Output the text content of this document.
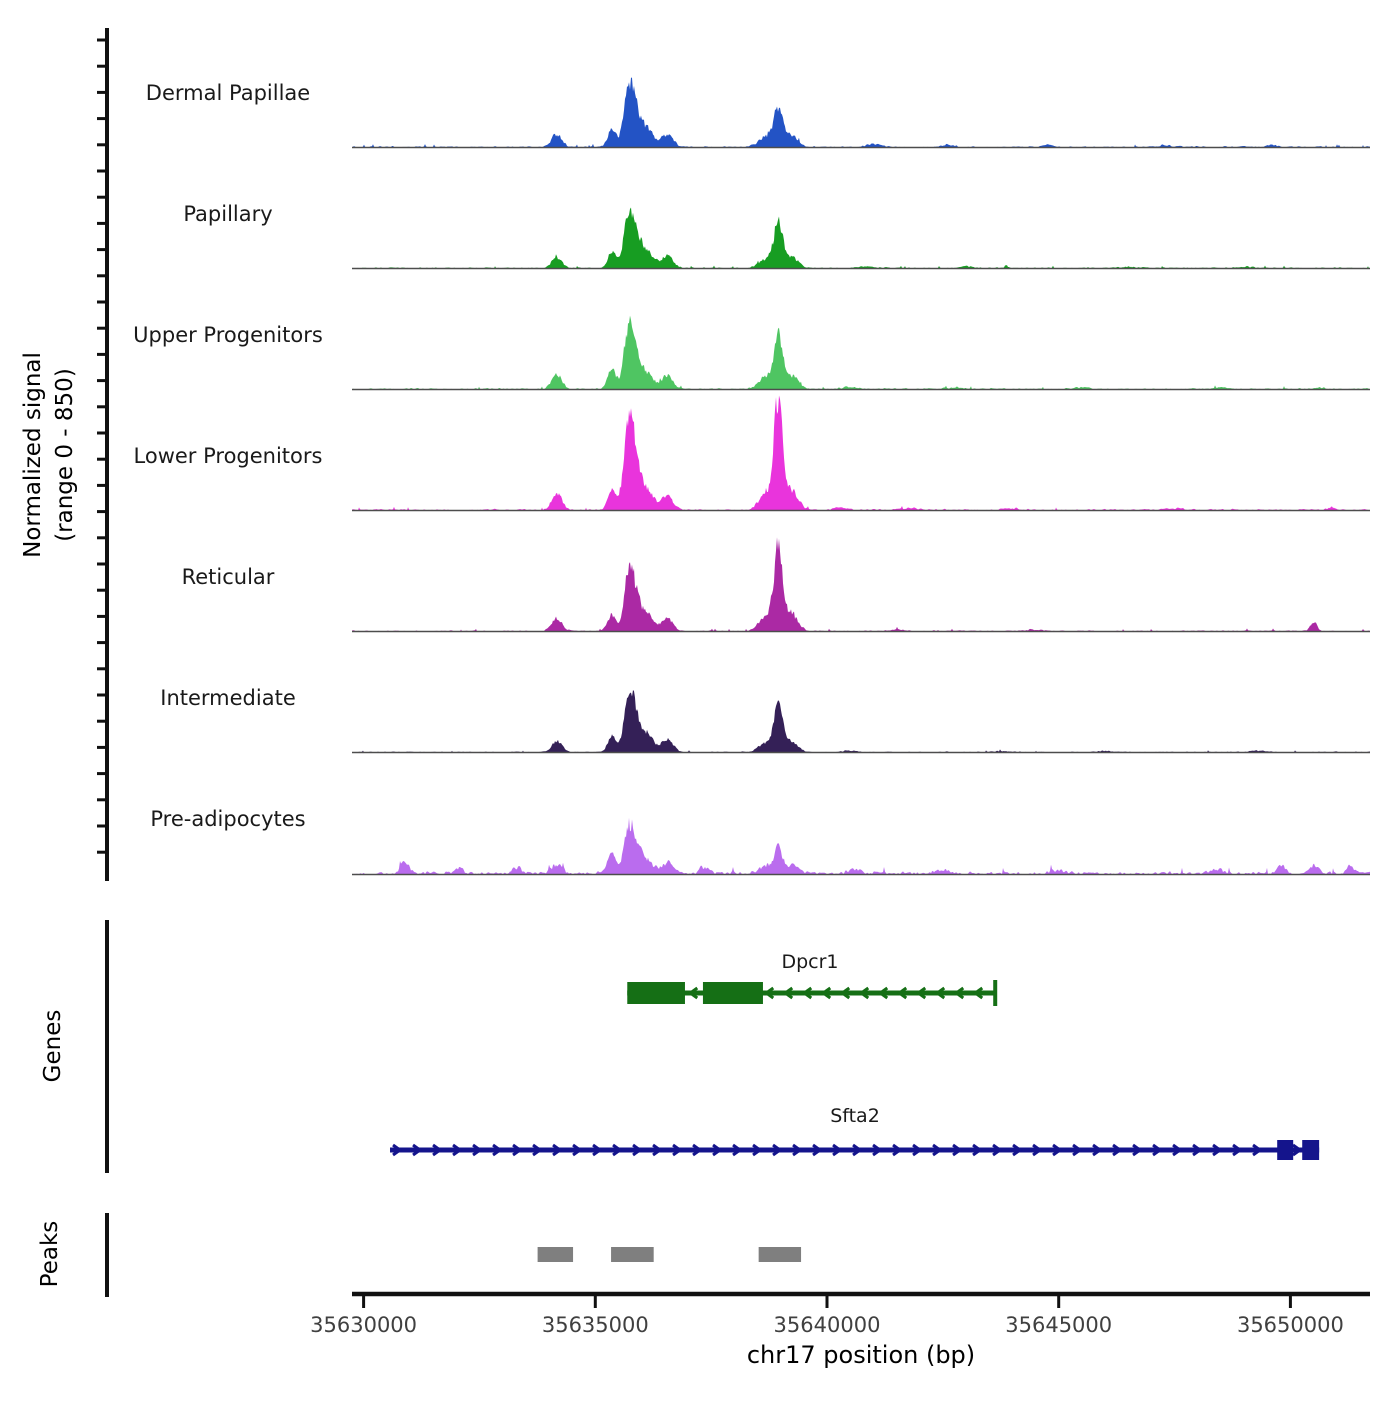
Normalized signal (range 0 - 850)
Dermal Papillae
Papillary
Upper Progenitors
Lower Progenitors
Reticular
Intermediate
Pre-adipocytes
Genes
Dpcr1
Sfta2
Peaks
35630000	35635000	35640000	35645000	35650000
chr17 position (bp)
